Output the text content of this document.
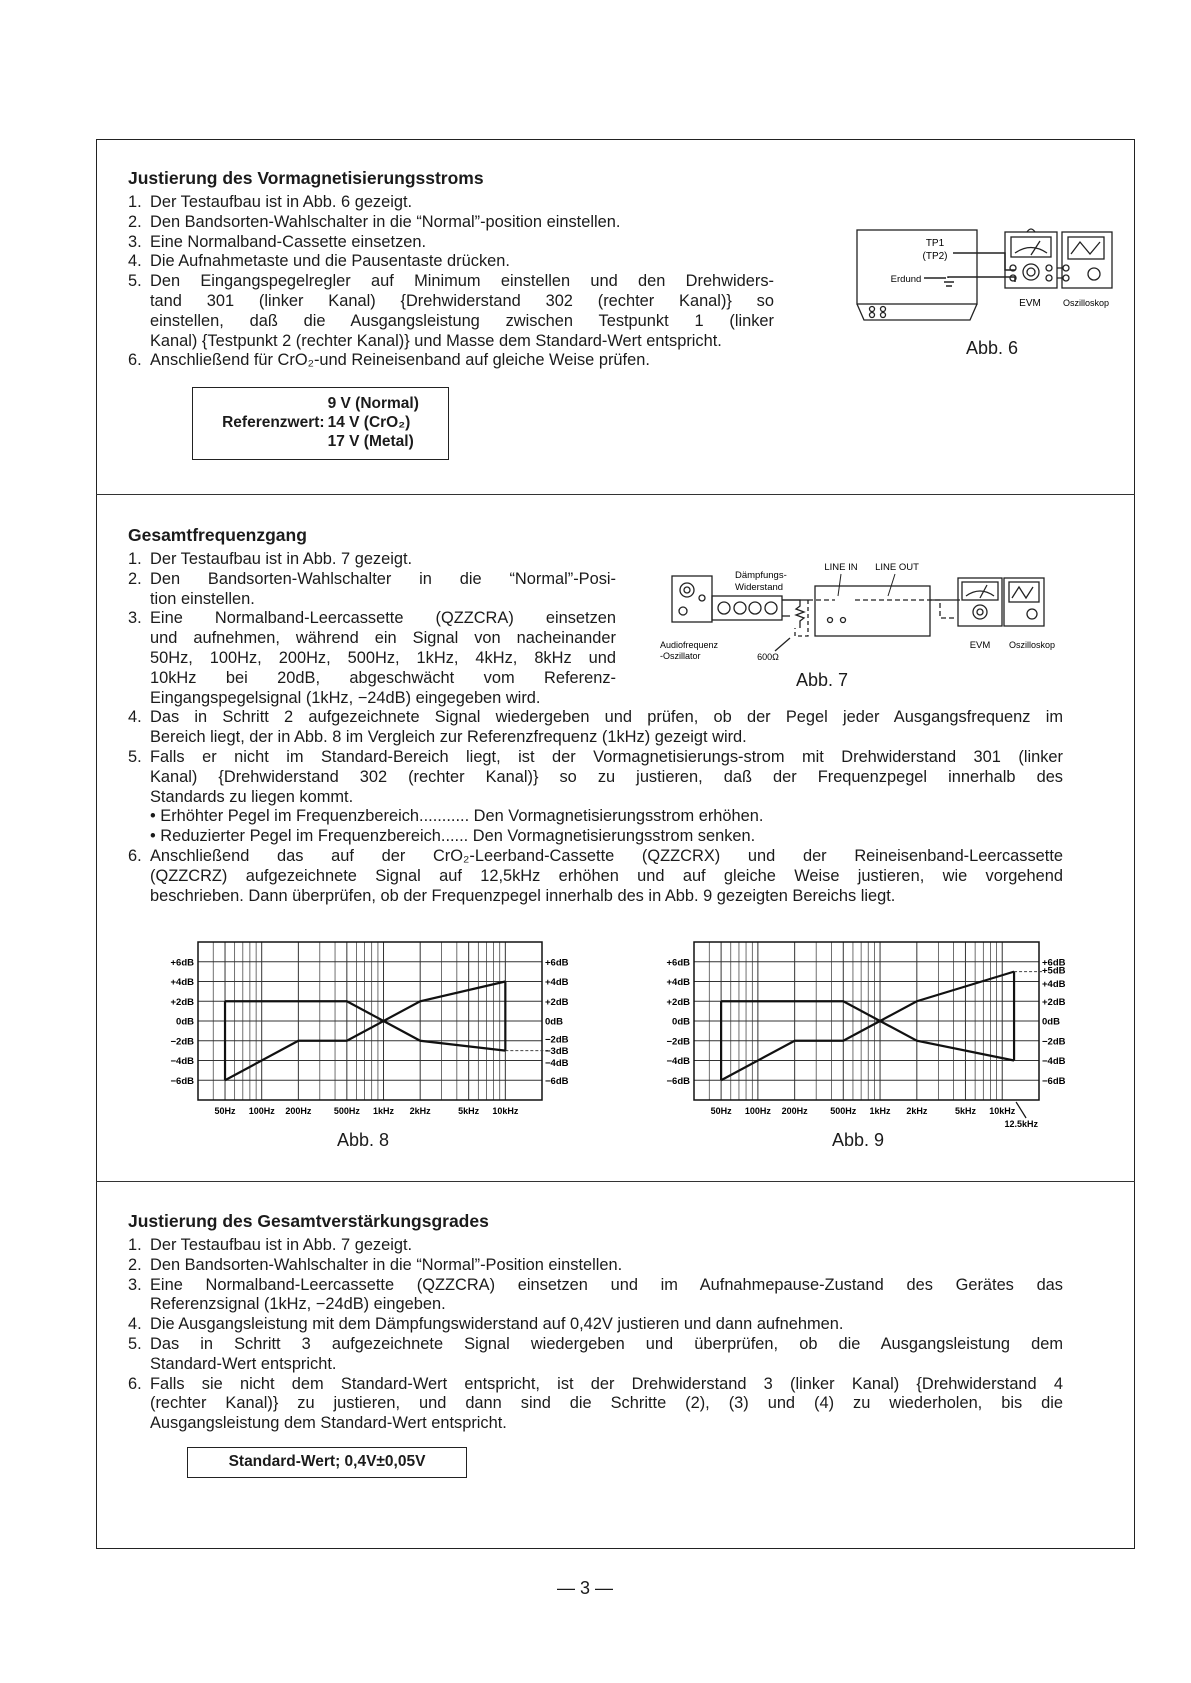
Justierung des Vormagnetisierungsstroms
Gesamtfrequenzgang
Justierung des Gesamtverstärkungsgrades
1. Der Testaufbau ist in Abb. 6 gezeigt.
2. Den Bandsorten-Wahlschalter in die “Normal”-position einstellen.
3. Eine Normalband-Cassette einsetzen.
4. Die Aufnahmetaste und die Pausentaste drücken.
5. Den Eingangspegelregler auf Minimum einstellen und den Drehwiders-
tand 301 (linker Kanal) {Drehwiderstand 302 (rechter Kanal)} so
einstellen, daß die Ausgangsleistung zwischen Testpunkt 1 (linker
Kanal) {Testpunkt 2 (rechter Kanal)} und Masse dem Standard-Wert entspricht.
6. Anschließend für CrO₂-und Reineisenband auf gleiche Weise prüfen.
1. Der Testaufbau ist in Abb. 7 gezeigt.
2. Den Bandsorten-Wahlschalter in die “Normal”-Posi-
tion einstellen.
3. Eine Normalband-Leercassette (QZZCRA) einsetzen
und aufnehmen, während ein Signal von nacheinander
50Hz, 100Hz, 200Hz, 500Hz, 1kHz, 4kHz, 8kHz und
10kHz bei 20dB, abgeschwächt vom Referenz-
Eingangspegelsignal (1kHz, −24dB) eingegeben wird.
4. Das in Schritt 2 aufgezeichnete Signal wiedergeben und prüfen, ob der Pegel jeder Ausgangsfrequenz im
Bereich liegt, der in Abb. 8 im Vergleich zur Referenzfrequenz (1kHz) gezeigt wird.
5. Falls er nicht im Standard-Bereich liegt, ist der Vormagnetisierungs-strom mit Drehwiderstand 301 (linker
Kanal) {Drehwiderstand 302 (rechter Kanal)} so zu justieren, daß der Frequenzpegel innerhalb des
Standards zu liegen kommt.
• Erhöhter Pegel im Frequenzbereich........... Den Vormagnetisierungsstrom erhöhen.
• Reduzierter Pegel im Frequenzbereich...... Den Vormagnetisierungsstrom senken.
6. Anschließend das auf der CrO₂-Leerband-Cassette (QZZCRX) und der Reineisenband-Leercassette
(QZZCRZ) aufgezeichnete Signal auf 12,5kHz erhöhen und auf gleiche Weise justieren, wie vorgehend
beschrieben. Dann überprüfen, ob der Frequenzpegel innerhalb des in Abb. 9 gezeigten Bereichs liegt.
1. Der Testaufbau ist in Abb. 7 gezeigt.
2. Den Bandsorten-Wahlschalter in die “Normal”-Position einstellen.
3. Eine Normalband-Leercassette (QZZCRA) einsetzen und im Aufnahmepause-Zustand des Gerätes das
Referenzsignal (1kHz, −24dB) eingeben.
4. Die Ausgangsleistung mit dem Dämpfungswiderstand auf 0,42V justieren und dann aufnehmen.
5. Das in Schritt 3 aufgezeichnete Signal wiedergeben und überprüfen, ob die Ausgangsleistung dem
Standard-Wert entspricht.
6. Falls sie nicht dem Standard-Wert entspricht, ist der Drehwiderstand 3 (linker Kanal) {Drehwiderstand 4
(rechter Kanal)} zu justieren, und dann sind die Schritte (2), (3) und (4) zu wiederholen, bis die
Ausgangsleistung dem Standard-Wert entspricht.
9 V (Normal)
Referenzwert: 14 V (CrO₂)
17 V (Metal)
Standard-Wert; 0,4V±0,05V
TP1
(TP2)
Erdund
EVM Oszilloskop
Abb. 6
Dämpfungs-
Widerstand
600Ω
LINE IN LINE OUT
Audiofrequenz
-Oszillator
EVM Oszilloskop
Abb. 7
+6dB
+4dB
+2dB
0dB
−2dB
−4dB
−6dB
+6dB
+4dB
+2dB
0dB
−2dB
−3dB
−4dB
−6dB
50Hz 100Hz 200Hz 500Hz 1kHz 2kHz	5kHz 10kHz
Abb. 8
+6dB
+4dB
+2dB
0dB
−2dB
−4dB
−6dB
+6dB
+5dB
+4dB
+2dB
0dB
−2dB
−4dB
−6dB
50Hz 100Hz 200Hz	500Hz 1kHz 2kHz	5kHz 10kHz
12.5kHz
Abb. 9
— 3 —
